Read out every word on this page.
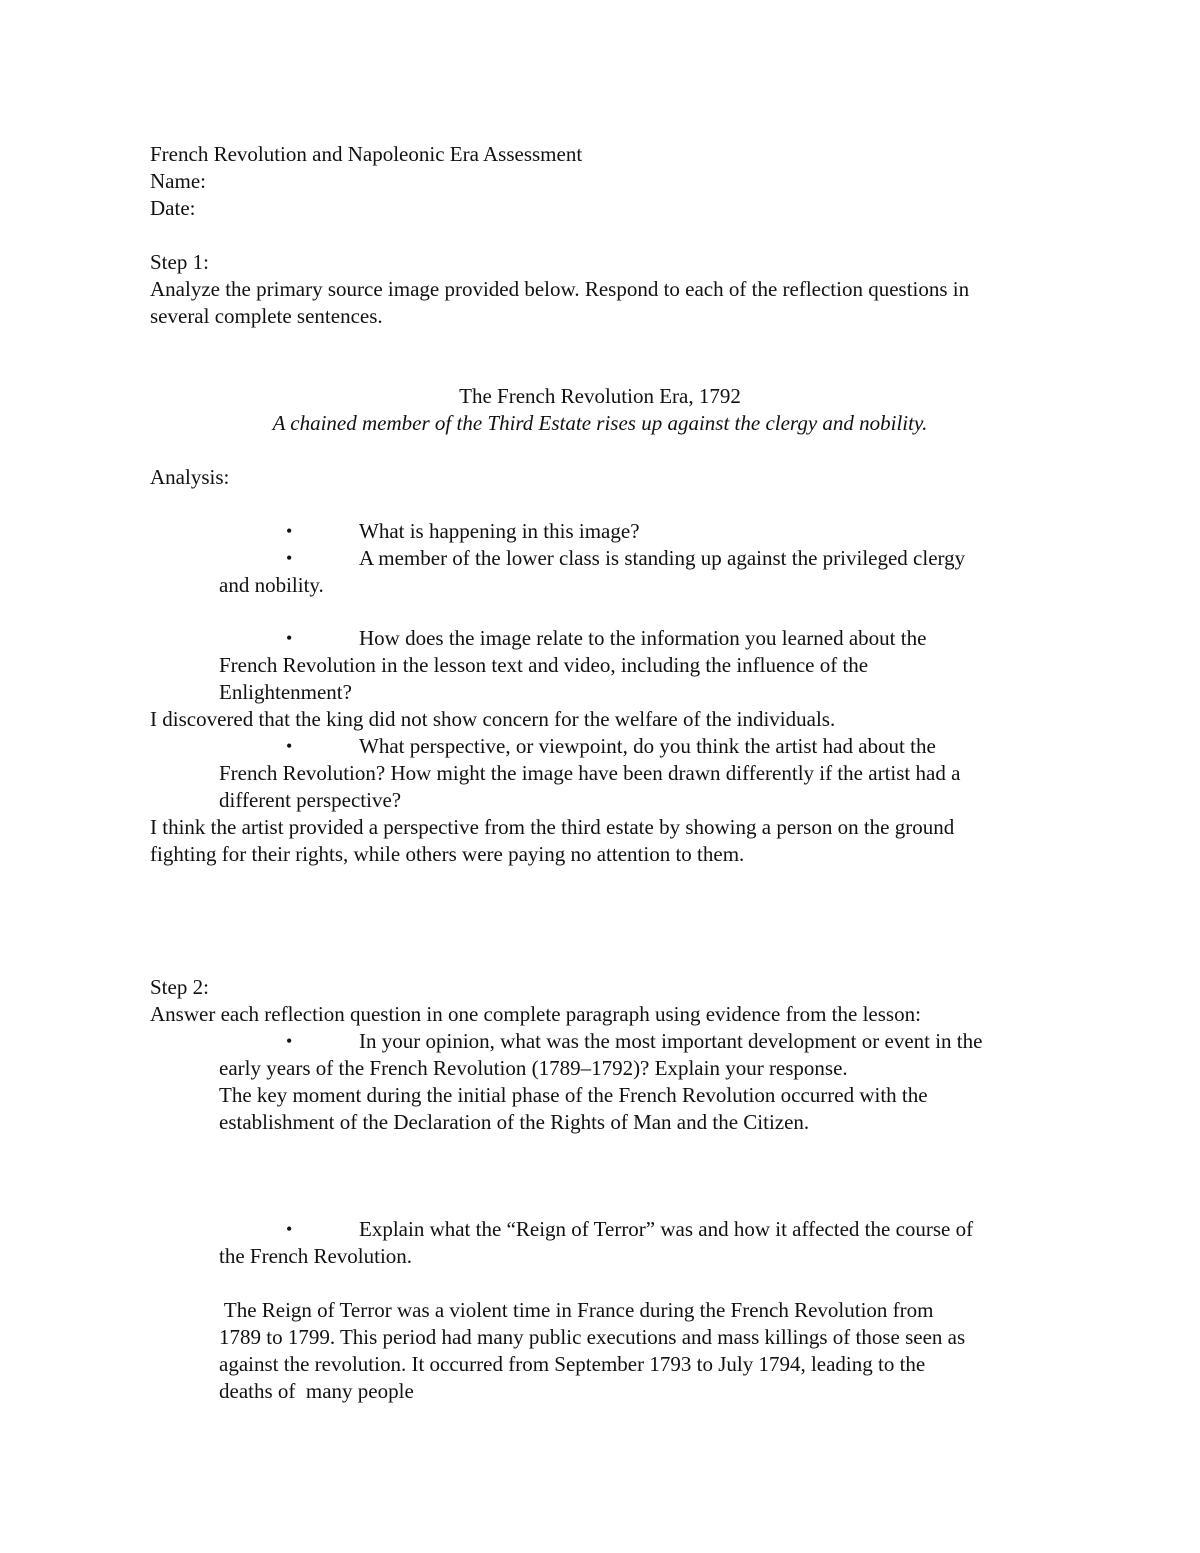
French Revolution and Napoleonic Era Assessment
Name:
Date:
Step 1:
Analyze the primary source image provided below. Respond to each of the reflection questions in
several complete sentences.
The French Revolution Era, 1792
A chained member of the Third Estate rises up against the clergy and nobility.
Analysis:
•	What is happening in this image?
•	A member of the lower class is standing up against the privileged clergy
and nobility.
•	How does the image relate to the information you learned about the
French Revolution in the lesson text and video, including the influence of the
Enlightenment?
I discovered that the king did not show concern for the welfare of the individuals.
•	What perspective, or viewpoint, do you think the artist had about the
French Revolution? How might the image have been drawn differently if the artist had a
different perspective?
I think the artist provided a perspective from the third estate by showing a person on the ground
fighting for their rights, while others were paying no attention to them.
Step 2:
Answer each reflection question in one complete paragraph using evidence from the lesson:
•	In your opinion, what was the most important development or event in the
early years of the French Revolution (1789–1792)? Explain your response.
The key moment during the initial phase of the French Revolution occurred with the
establishment of the Declaration of the Rights of Man and the Citizen.
•	Explain what the “Reign of Terror” was and how it affected the course of
the French Revolution.
The Reign of Terror was a violent time in France during the French Revolution from
1789 to 1799. This period had many public executions and mass killings of those seen as
against the revolution. It occurred from September 1793 to July 1794, leading to the
deaths of  many people
